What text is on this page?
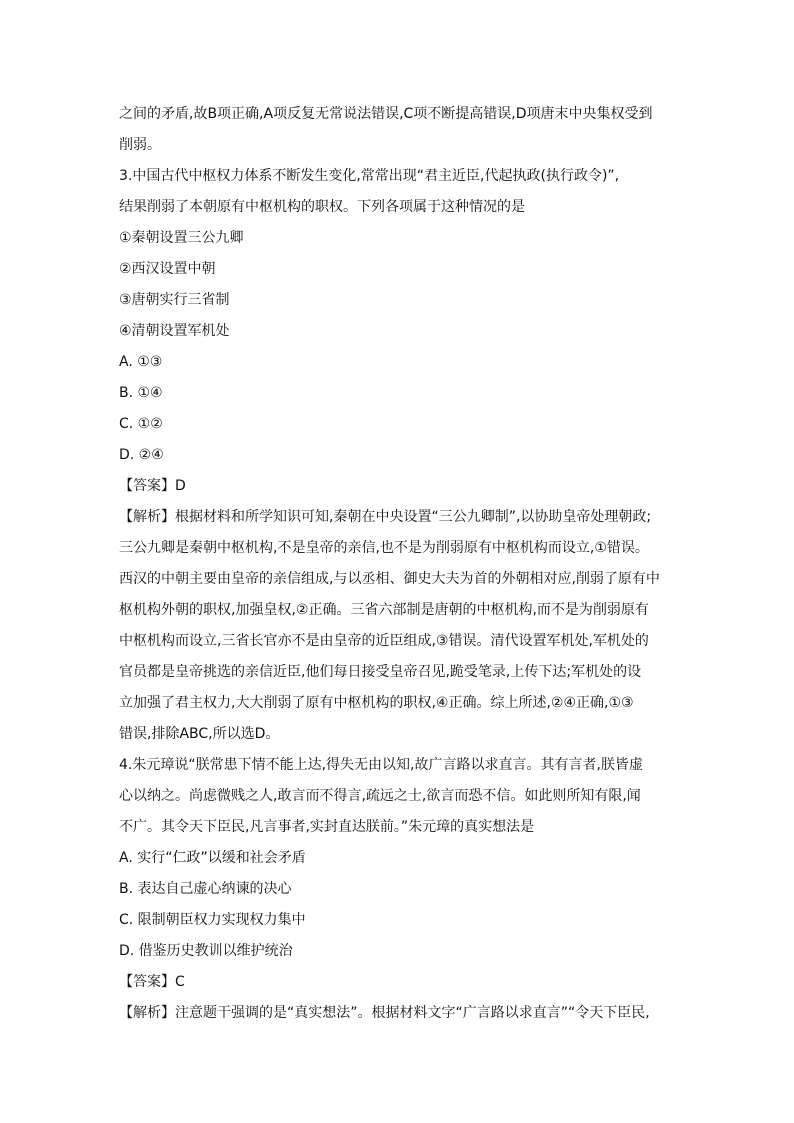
之间的矛盾,故B项正确,A项反复无常说法错误,C项不断提高错误,D项唐末中央集权受到
削弱。
3.中国古代中枢权力体系不断发生变化,常常出现“君主近臣,代起执政(执行政令)”,
结果削弱了本朝原有中枢机构的职权。下列各项属于这种情况的是
①秦朝设置三公九卿
②西汉设置中朝
③唐朝实行三省制
④清朝设置军机处
A. ①③
B. ①④
C. ①②
D. ②④
【答案】D
【解析】根据材料和所学知识可知,秦朝在中央设置“三公九卿制”,以协助皇帝处理朝政;
三公九卿是秦朝中枢机构,不是皇帝的亲信,也不是为削弱原有中枢机构而设立,①错误。
西汉的中朝主要由皇帝的亲信组成,与以丞相、御史大夫为首的外朝相对应,削弱了原有中
枢机构外朝的职权,加强皇权,②正确。三省六部制是唐朝的中枢机构,而不是为削弱原有
中枢机构而设立,三省长官亦不是由皇帝的近臣组成,③错误。清代设置军机处,军机处的
官员都是皇帝挑选的亲信近臣,他们每日接受皇帝召见,跪受笔录,上传下达;军机处的设
立加强了君主权力,大大削弱了原有中枢机构的职权,④正确。综上所述,②④正确,①③
错误,排除ABC,所以选D。
4.朱元璋说“朕常患下情不能上达,得失无由以知,故广言路以求直言。其有言者,朕皆虚
心以纳之。尚虑微贱之人,敢言而不得言,疏远之士,欲言而恐不信。如此则所知有限,闻
不广。其令天下臣民,凡言事者,实封直达朕前。”朱元璋的真实想法是
A. 实行“仁政”以缓和社会矛盾
B. 表达自己虚心纳谏的决心
C. 限制朝臣权力实现权力集中
D. 借鉴历史教训以维护统治
【答案】C
【解析】注意题干强调的是“真实想法”。根据材料文字“广言路以求直言”“令天下臣民,
